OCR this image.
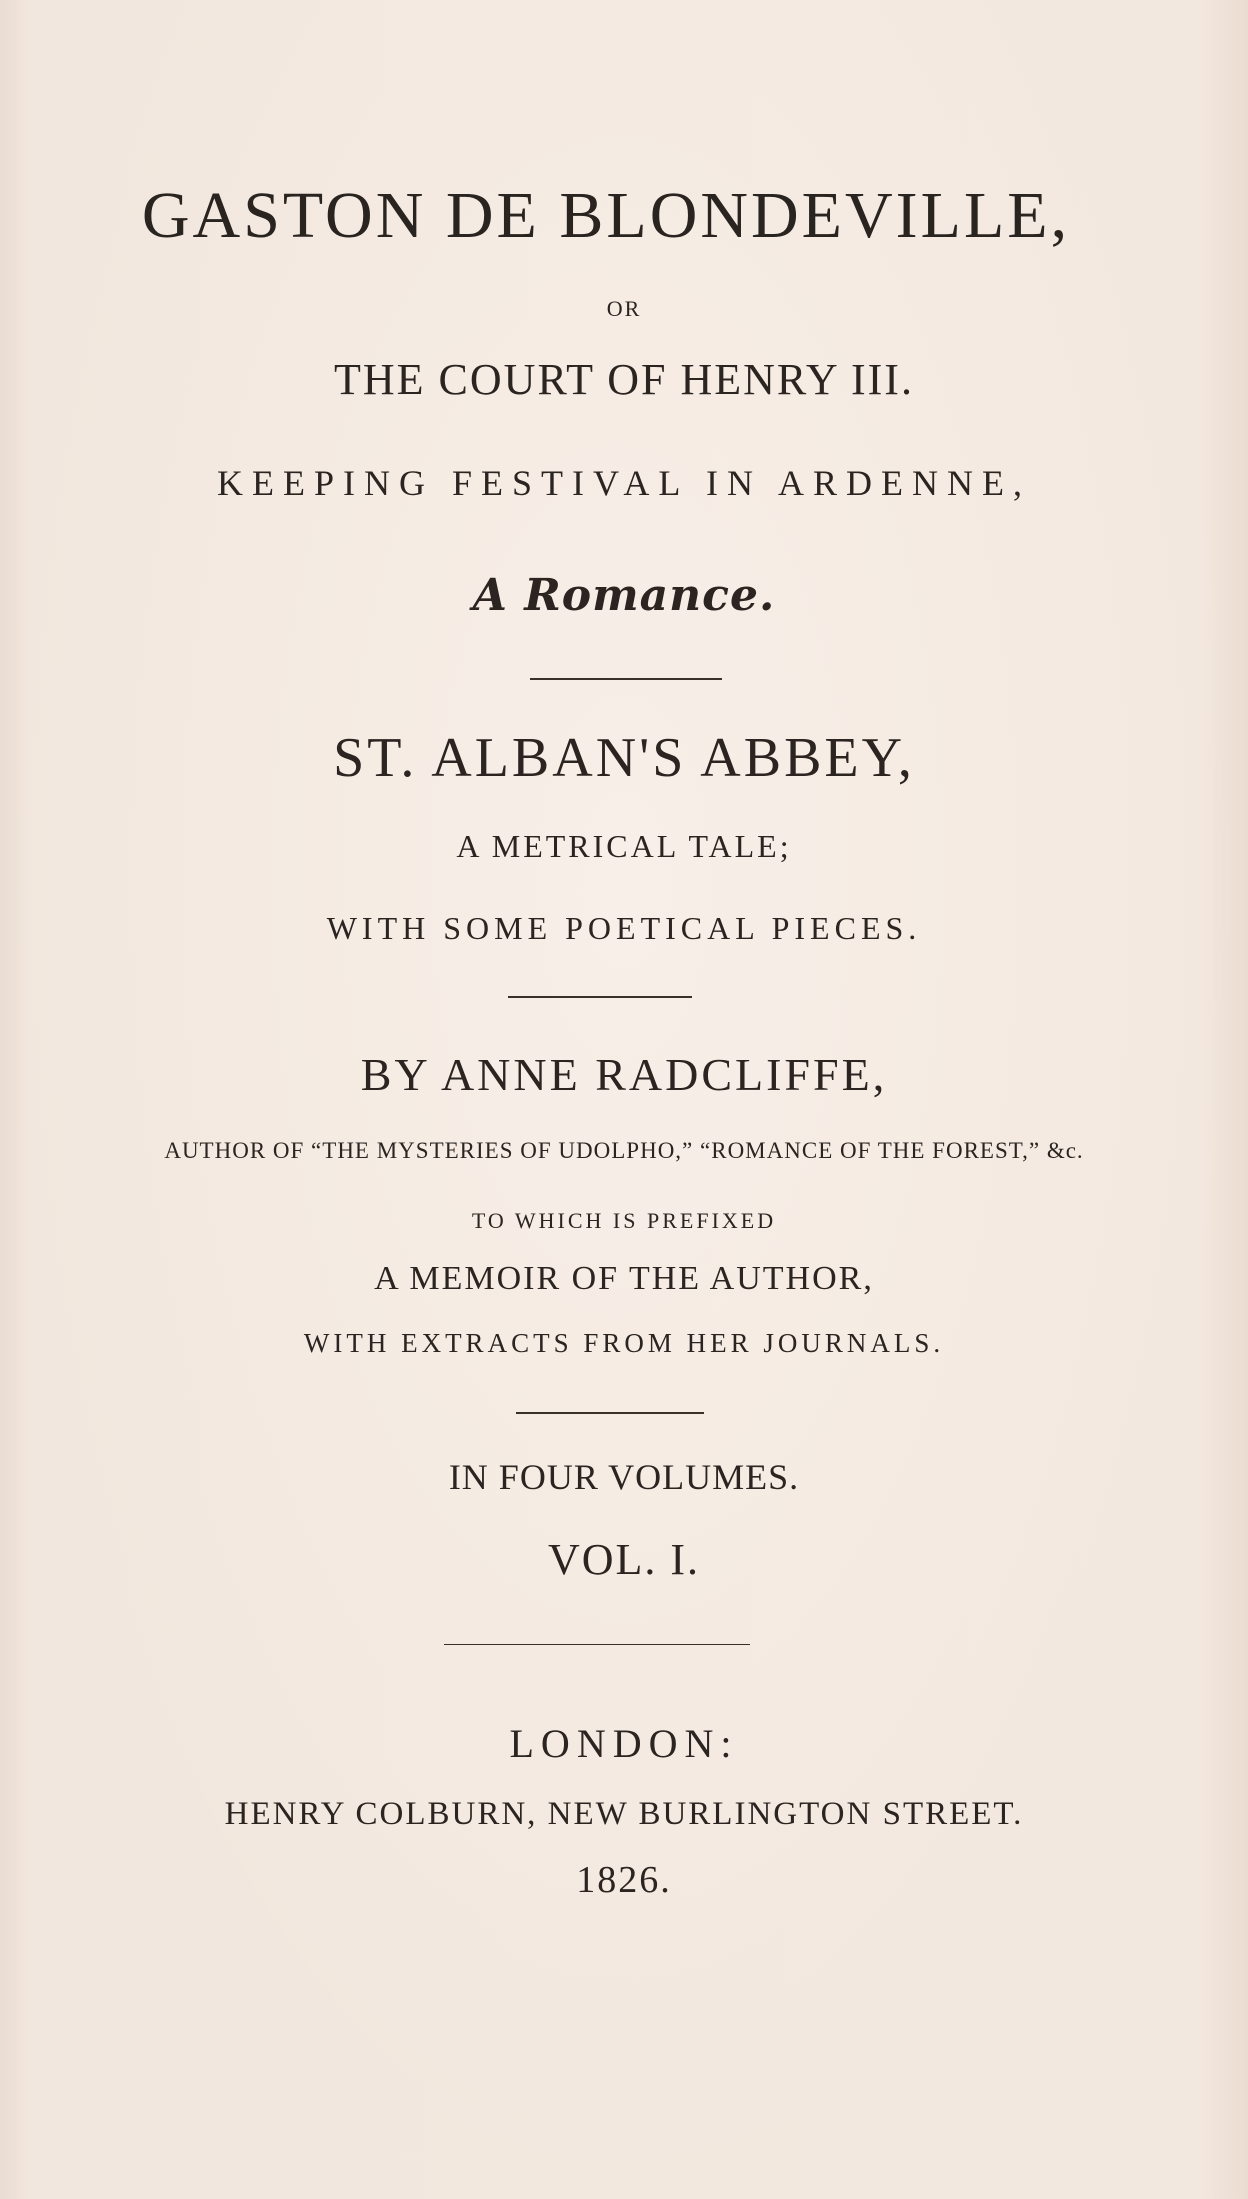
GASTON DE BLONDEVILLE,

OR

THE COURT OF HENRY III.

KEEPING FESTIVAL IN ARDENNE,

A Romance.

ST. ALBAN'S ABBEY,

A METRICAL TALE;

WITH SOME POETICAL PIECES.

BY ANNE RADCLIFFE,

AUTHOR OF “THE MYSTERIES OF UDOLPHO,” “ROMANCE OF THE FOREST,” &c.

TO WHICH IS PREFIXED

A MEMOIR OF THE AUTHOR,

WITH EXTRACTS FROM HER JOURNALS.

IN FOUR VOLUMES.

VOL. I.

LONDON:

HENRY COLBURN, NEW BURLINGTON STREET.

1826.
